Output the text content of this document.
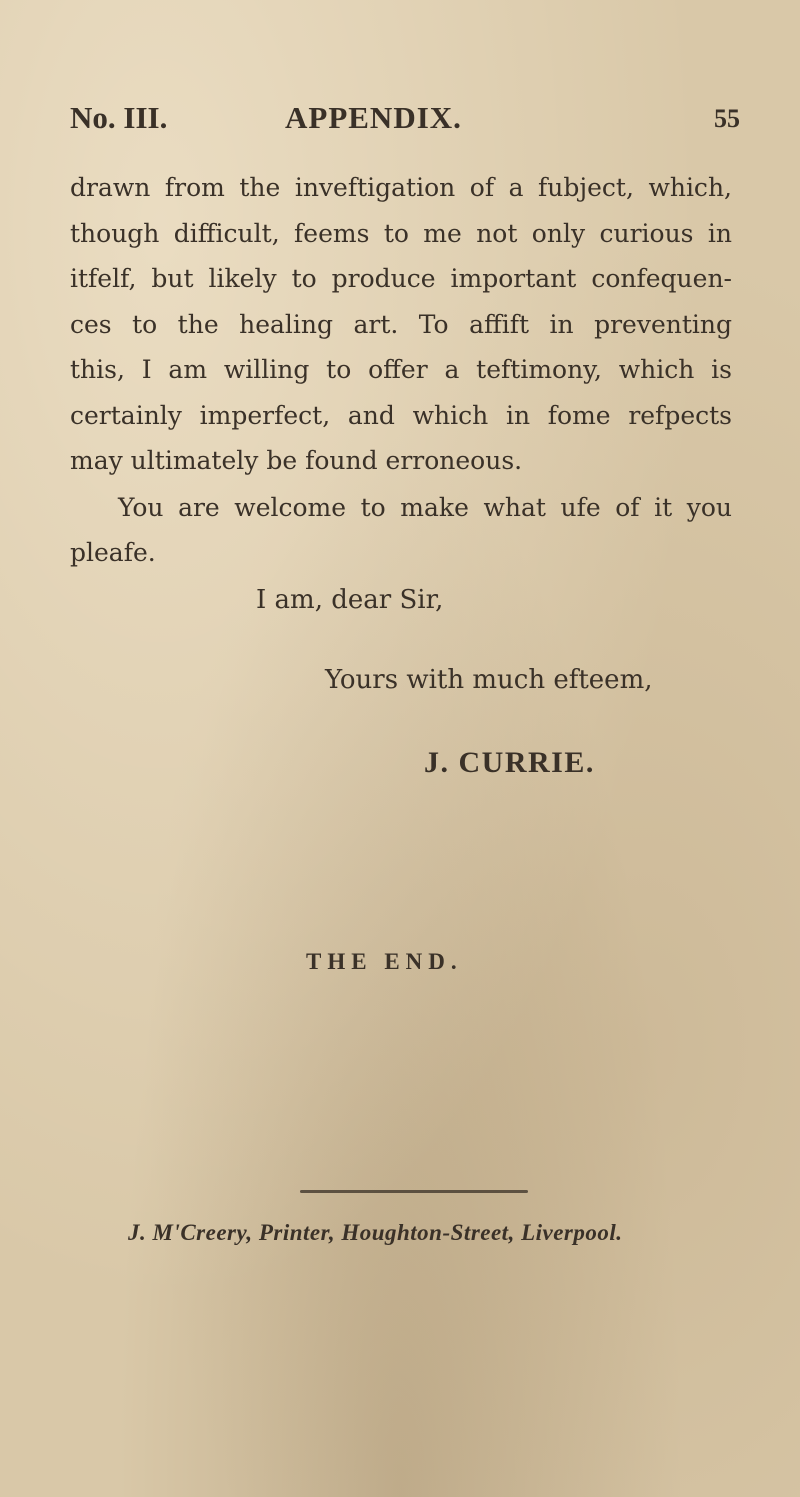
No. III.	APPENDIX.	55
drawn from the inveftigation of a fubject, which,
though difficult, feems to me not only curious in
itfelf, but likely to produce important confequen-
ces to the healing art. To affift in preventing
this, I am willing to offer a teftimony, which is
certainly imperfect, and which in fome refpects
may ultimately be found erroneous.
You are welcome to make what ufe of it you
pleafe.
I am, dear Sir,
Yours with much efteem,
J. CURRIE.
THE END.
J. M'Creery, Printer, Houghton-Street, Liverpool.
